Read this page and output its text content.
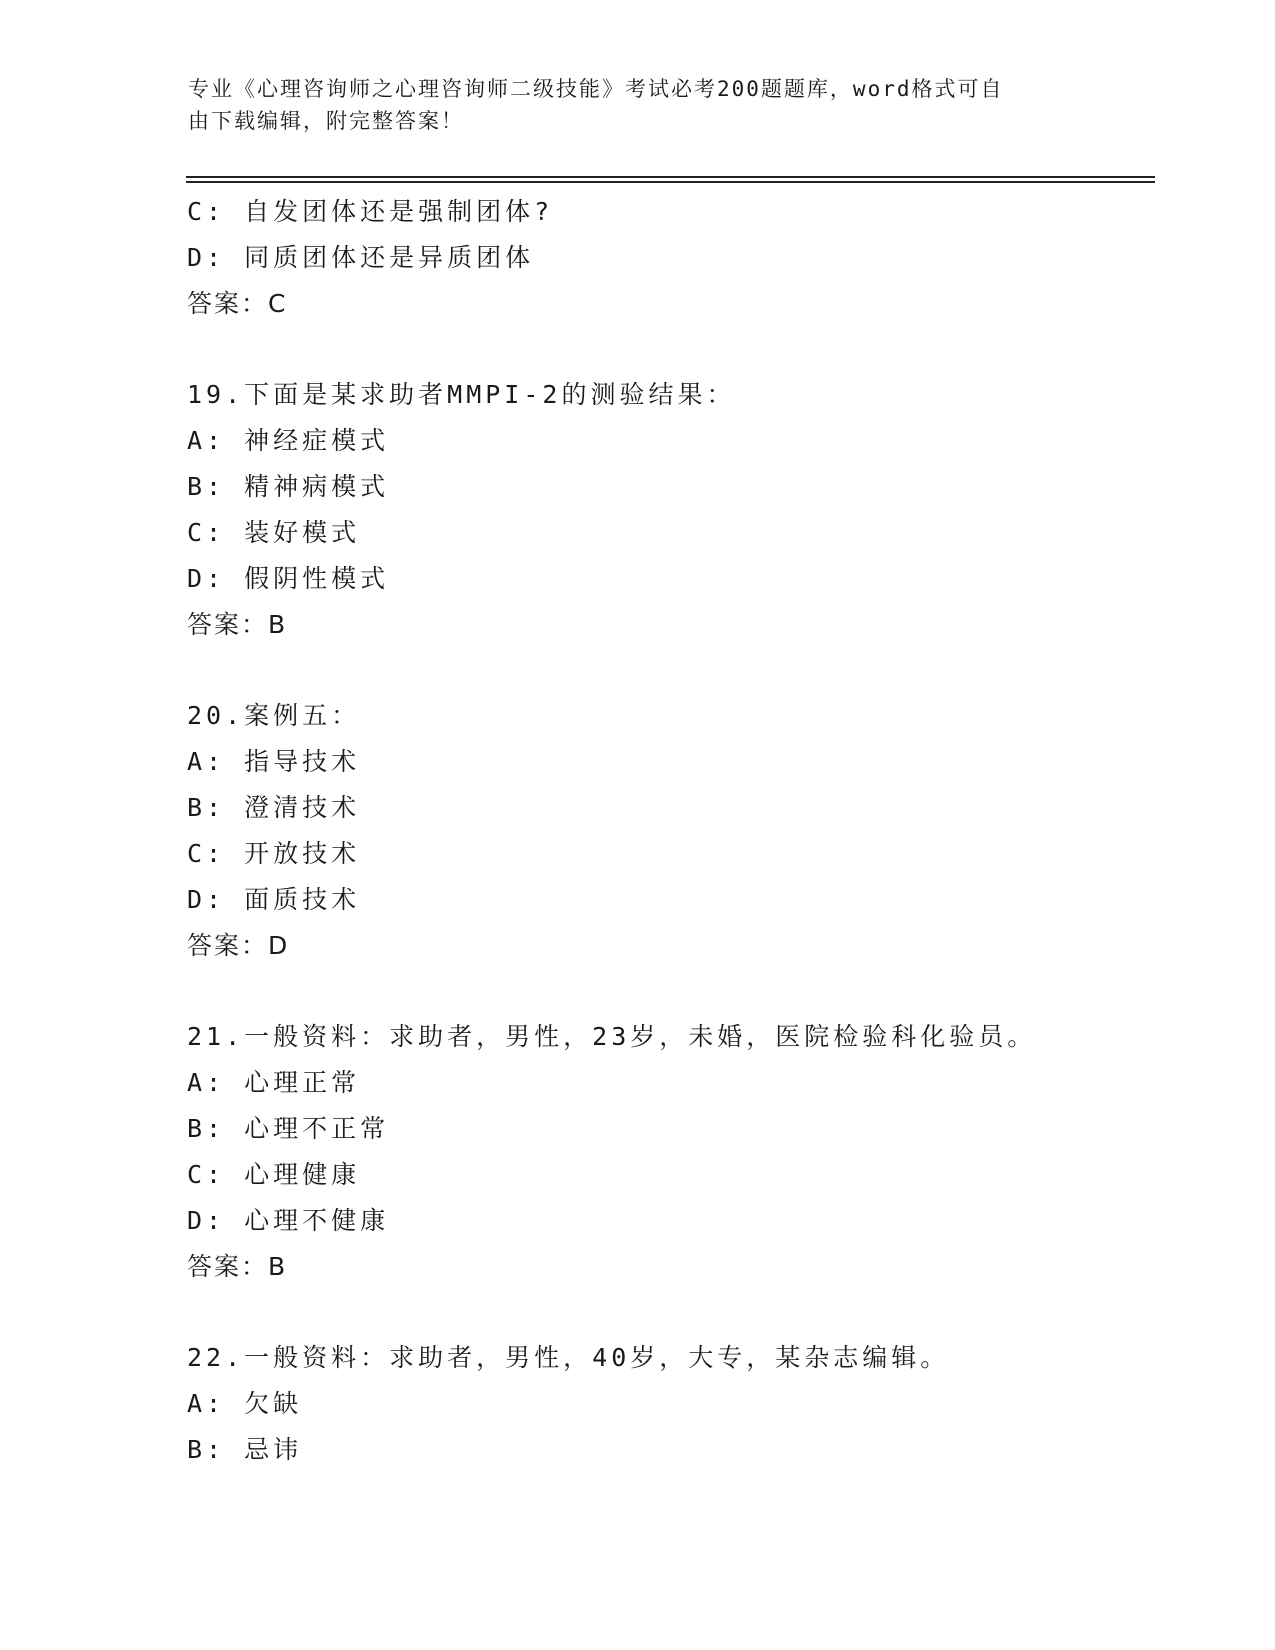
专业《心理咨询师之心理咨询师二级技能》考试必考200题题库，word格式可自
由下载编辑，附完整答案！
C: 自发团体还是强制团体?
D: 同质团体还是异质团体
答案：C
19.下面是某求助者MMPI-2的测验结果：
A: 神经症模式
B: 精神病模式
C: 装好模式
D: 假阴性模式
答案：B
20.案例五：
A: 指导技术
B: 澄清技术
C: 开放技术
D: 面质技术
答案：D
21.一般资料：求助者，男性，23岁，未婚，医院检验科化验员。
A: 心理正常
B: 心理不正常
C: 心理健康
D: 心理不健康
答案：B
22.一般资料：求助者，男性，40岁，大专，某杂志编辑。
A: 欠缺
B: 忌讳
